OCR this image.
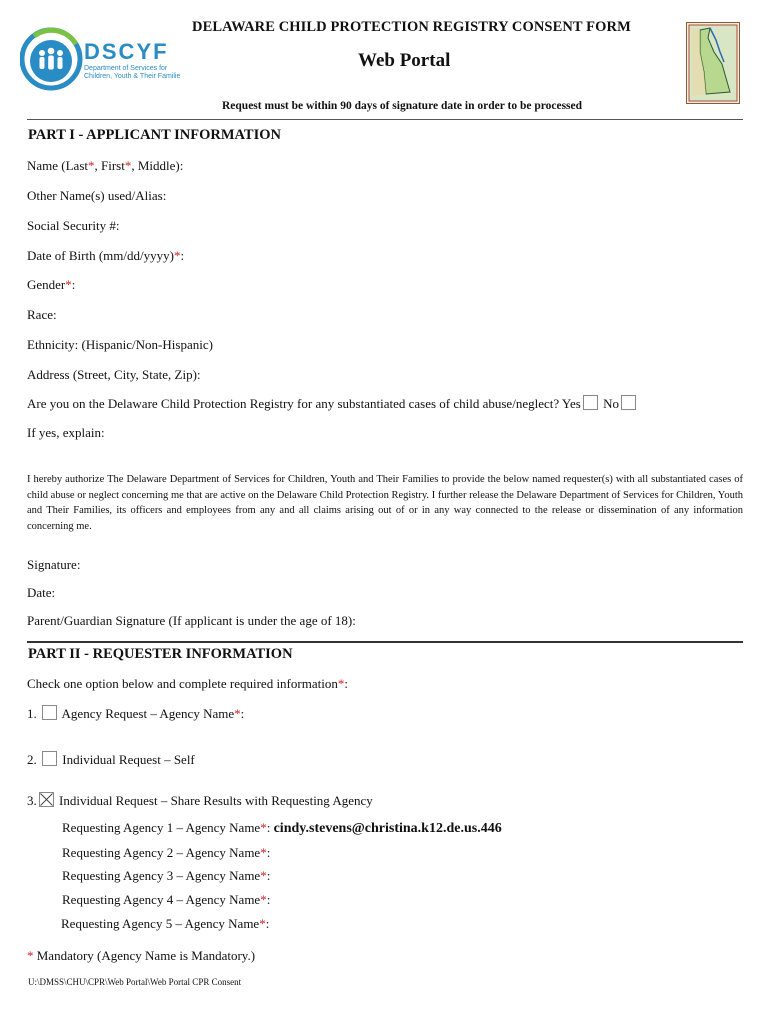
DSCYF
Department of Services for
Children, Youth & Their Families
DELAWARE CHILD PROTECTION REGISTRY CONSENT FORM
Web Portal
Request must be within 90 days of signature date in order to be processed
PART I - APPLICANT INFORMATION
Name (Last*, First*, Middle):
Other Name(s) used/Alias:
Social Security #:
Date of Birth (mm/dd/yyyy)*:
Gender*:
Race:
Ethnicity: (Hispanic/Non-Hispanic)
Address (Street, City, State, Zip):
Are you on the Delaware Child Protection Registry for any substantiated cases of child abuse/neglect? Yes No
If yes, explain:
I hereby authorize The Delaware Department of Services for Children, Youth and Their Families to provide the below named requester(s) with all substantiated cases of child abuse or neglect concerning me that are active on the Delaware Child Protection Registry. I further release the Delaware Department of Services for Children, Youth and Their Families, its officers and employees from any and all claims arising out of or in any way connected to the release or dissemination of any information concerning me.
Signature:
Date:
Parent/Guardian Signature (If applicant is under the age of 18):
PART II - REQUESTER INFORMATION
Check one option below and complete required information*:
1. Agency Request – Agency Name*:
2. Individual Request – Self
3. Individual Request – Share Results with Requesting Agency
Requesting Agency 1 – Agency Name*: cindy.stevens@christina.k12.de.us.446
Requesting Agency 2 – Agency Name*:
Requesting Agency 3 – Agency Name*:
Requesting Agency 4 – Agency Name*:
Requesting Agency 5 – Agency Name*:
* Mandatory (Agency Name is Mandatory.)
U:\DMSS\CHU\CPR\Web Portal\Web Portal CPR Consent
